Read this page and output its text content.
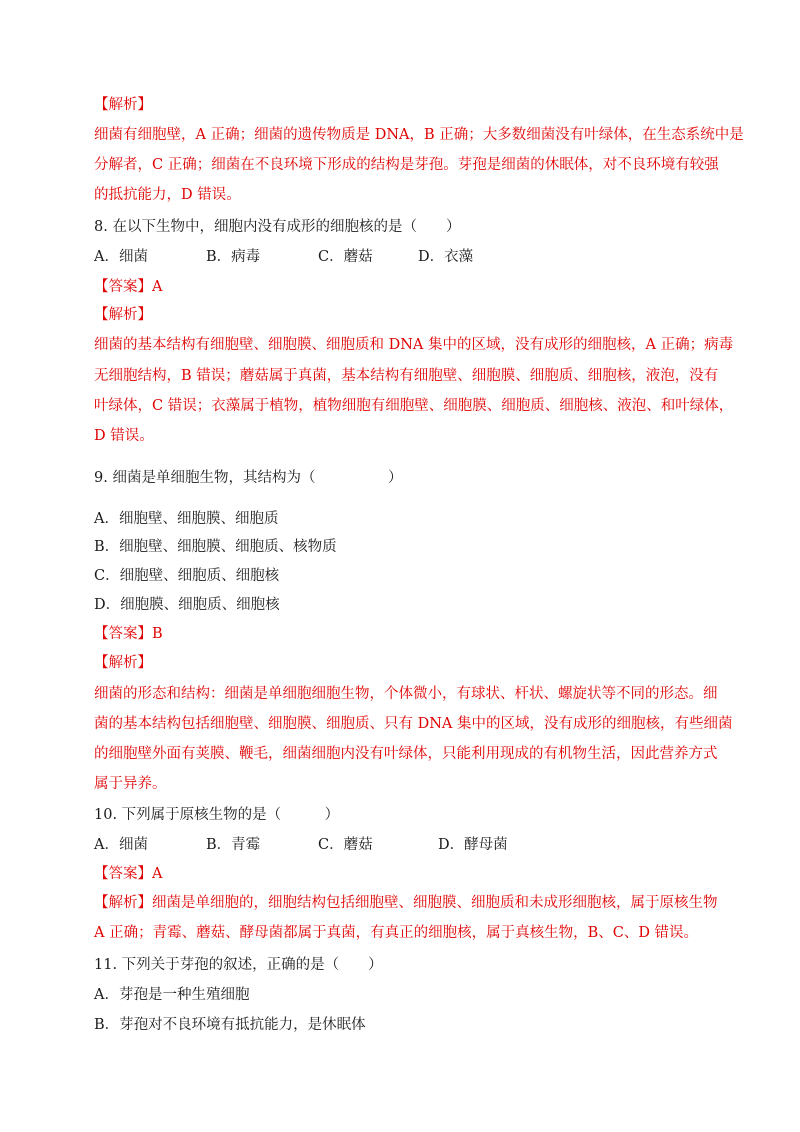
【解析】
细菌有细胞壁，A 正确；细菌的遗传物质是 DNA，B 正确；大多数细菌没有叶绿体，在生态系统中是
分解者，C 正确；细菌在不良环境下形成的结构是芽孢。芽孢是细菌的休眠体，对不良环境有较强
的抵抗能力，D 错误。
8. 在以下生物中，细胞内没有成形的细胞核的是（　　）
A．细菌	B．病毒	C．蘑菇	D．衣藻
【答案】A
【解析】
细菌的基本结构有细胞壁、细胞膜、细胞质和 DNA 集中的区域，没有成形的细胞核，A 正确；病毒
无细胞结构，B 错误；蘑菇属于真菌，基本结构有细胞壁、细胞膜、细胞质、细胞核，液泡，没有
叶绿体，C 错误；衣藻属于植物，植物细胞有细胞壁、细胞膜、细胞质、细胞核、液泡、和叶绿体，
D 错误。
9. 细菌是单细胞生物，其结构为（　　　　　）
A．细胞壁、细胞膜、细胞质
B．细胞壁、细胞膜、细胞质、核物质
C．细胞壁、细胞质、细胞核
D．细胞膜、细胞质、细胞核
【答案】B
【解析】
细菌的形态和结构：细菌是单细胞细胞生物，个体微小，有球状、杆状、螺旋状等不同的形态。细
菌的基本结构包括细胞壁、细胞膜、细胞质、只有 DNA 集中的区域，没有成形的细胞核，有些细菌
的细胞壁外面有荚膜、鞭毛，细菌细胞内没有叶绿体，只能利用现成的有机物生活，因此营养方式
属于异养。
10. 下列属于原核生物的是（　　　）
A．细菌	B．青霉	C．蘑菇	D．酵母菌
【答案】A
【解析】细菌是单细胞的，细胞结构包括细胞壁、细胞膜、细胞质和未成形细胞核，属于原核生物
A 正确；青霉、蘑菇、酵母菌都属于真菌，有真正的细胞核，属于真核生物，B、C、D 错误。
11. 下列关于芽孢的叙述，正确的是（　　）
A．芽孢是一种生殖细胞
B．芽孢对不良环境有抵抗能力，是休眠体
